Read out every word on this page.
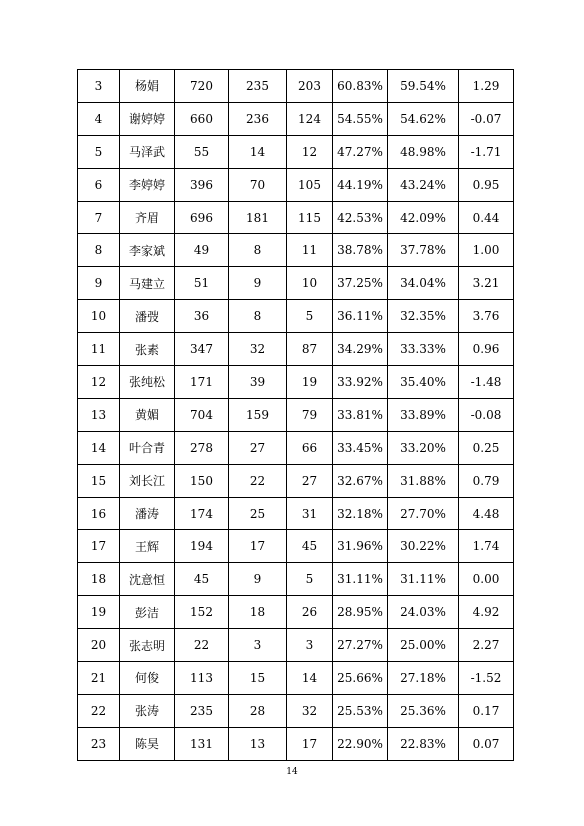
3	杨娟	720	235	203	60.83%	59.54%	1.29
4	谢婷婷	660	236	124	54.55%	54.62%	-0.07
5	马泽武	55	14	12	47.27%	48.98%	-1.71
6	李婷婷	396	70	105	44.19%	43.24%	0.95
7	齐眉	696	181	115	42.53%	42.09%	0.44
8	李家斌	49	8	11	38.78%	37.78%	1.00
9	马建立	51	9	10	37.25%	34.04%	3.21
10	潘弢	36	8	5	36.11%	32.35%	3.76
11	张素	347	32	87	34.29%	33.33%	0.96
12	张纯松	171	39	19	33.92%	35.40%	-1.48
13	黄媚	704	159	79	33.81%	33.89%	-0.08
14	叶合青	278	27	66	33.45%	33.20%	0.25
15	刘长江	150	22	27	32.67%	31.88%	0.79
16	潘涛	174	25	31	32.18%	27.70%	4.48
17	王辉	194	17	45	31.96%	30.22%	1.74
18	沈意恒	45	9	5	31.11%	31.11%	0.00
19	彭洁	152	18	26	28.95%	24.03%	4.92
20	张志明	22	3	3	27.27%	25.00%	2.27
21	何俊	113	15	14	25.66%	27.18%	-1.52
22	张涛	235	28	32	25.53%	25.36%	0.17
23	陈昊	131	13	17	22.90%	22.83%	0.07
14
